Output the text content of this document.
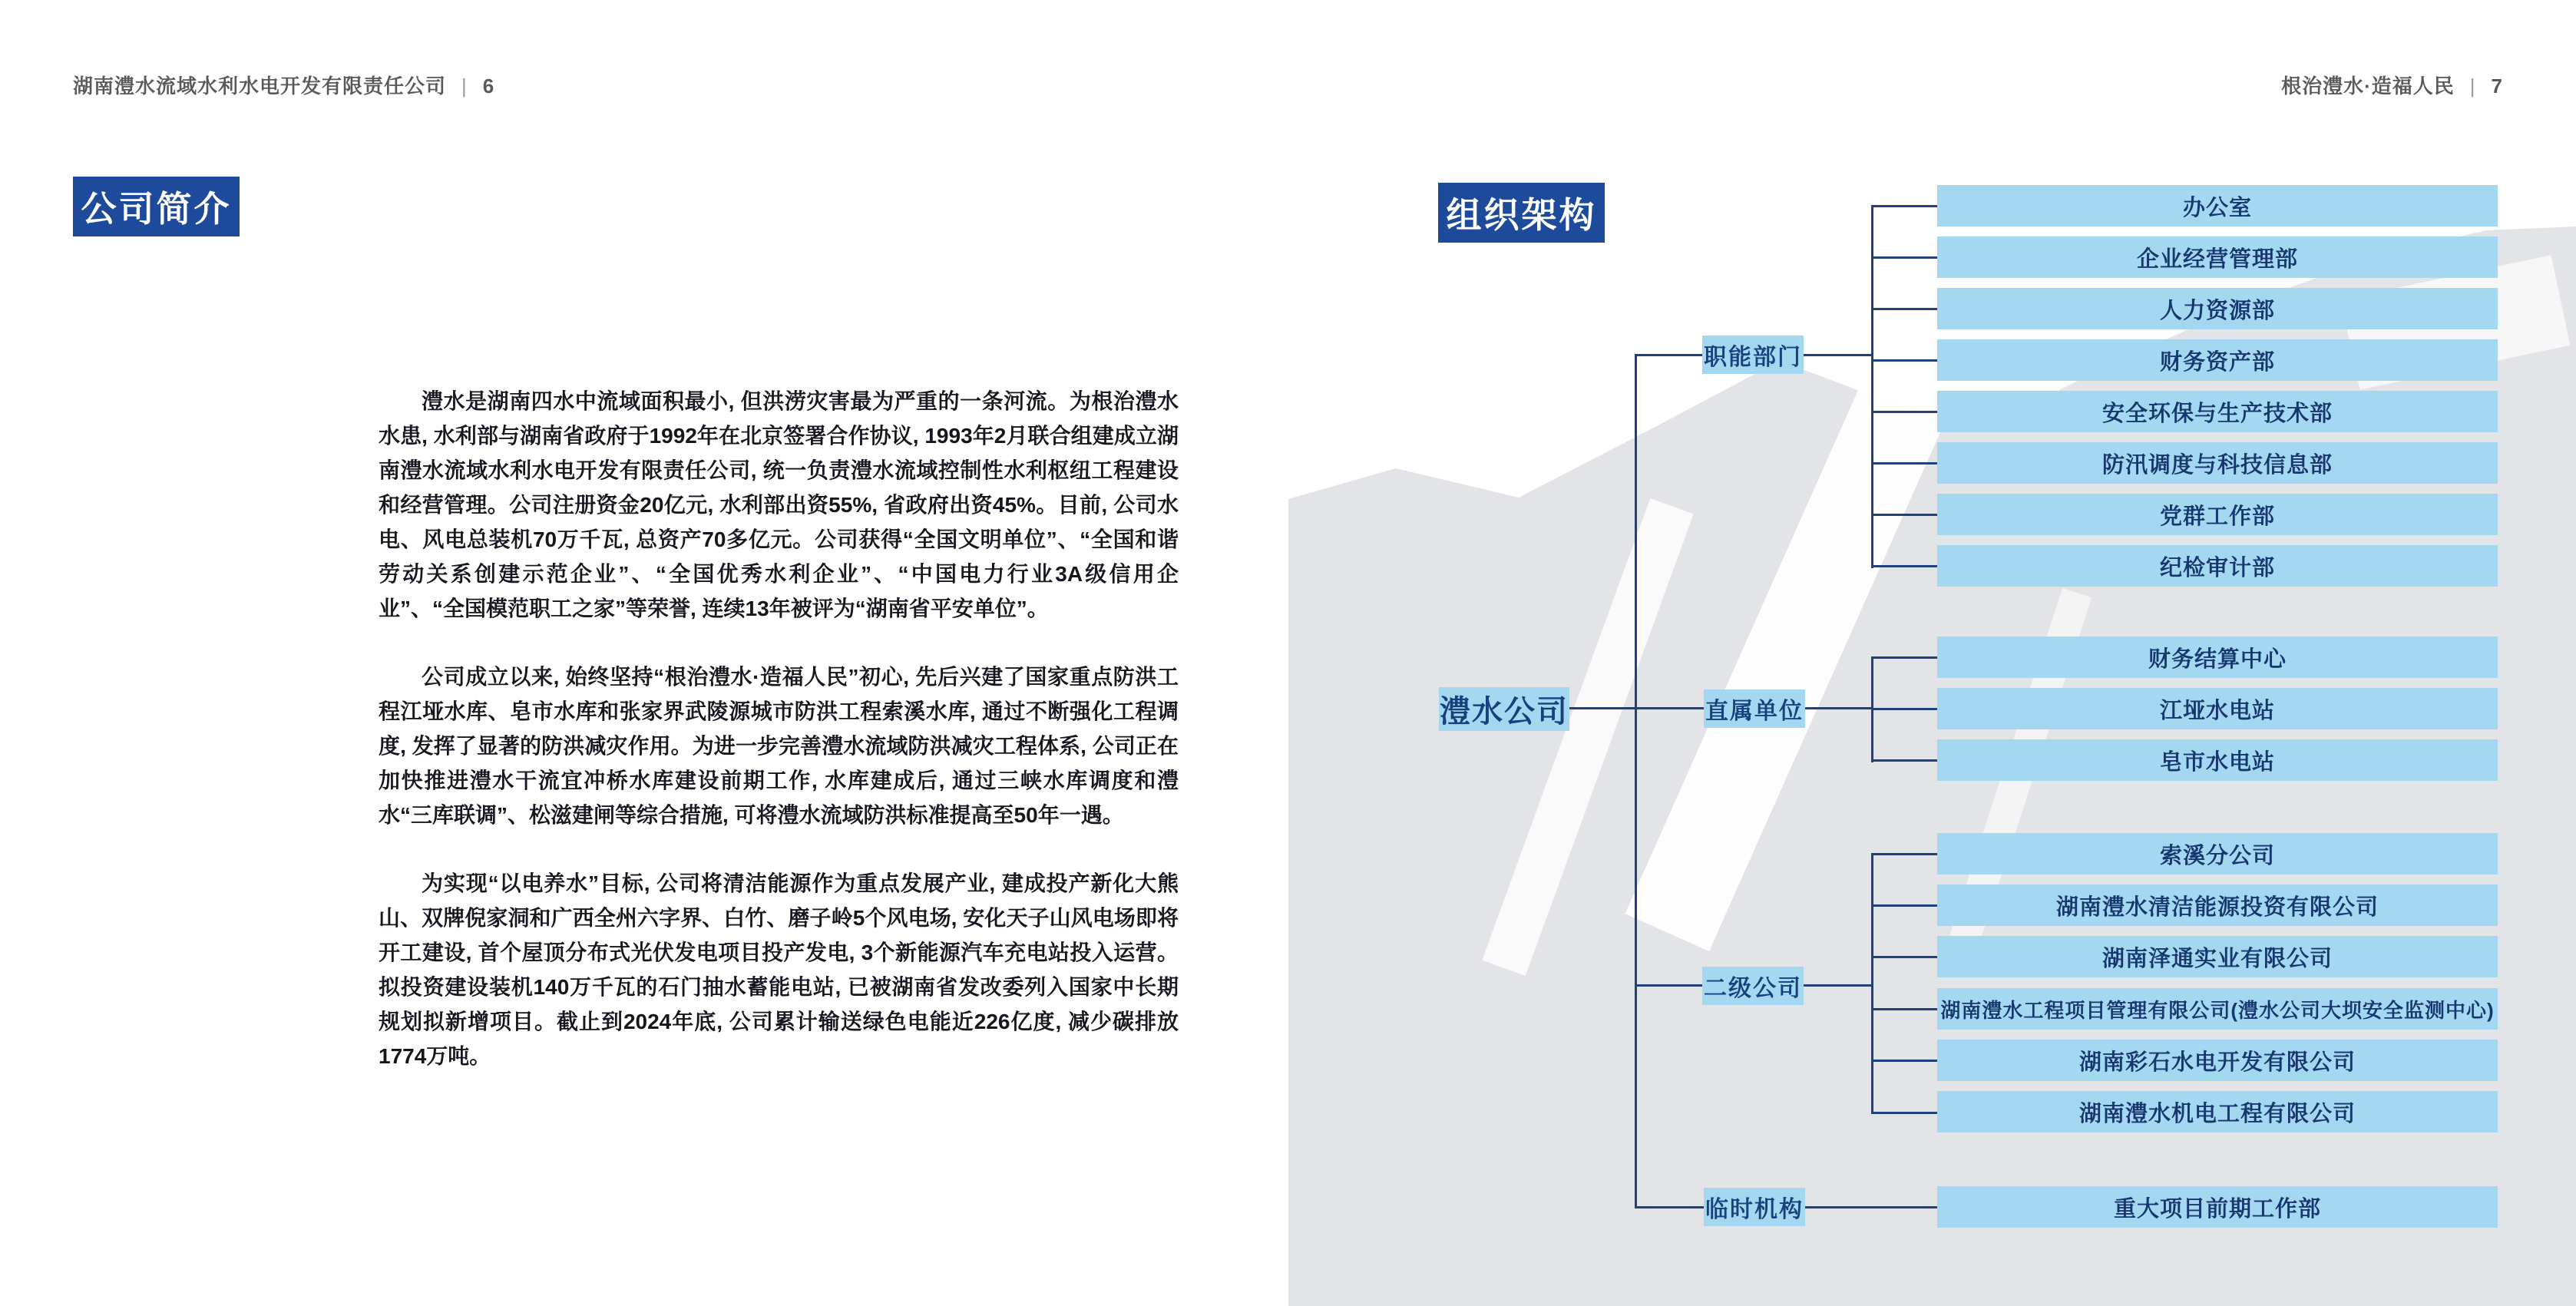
湖南澧水流域水利水电开发有限责任公司 | 6	根治澧水·造福人民 | 7
公司简介

澧水是湖南四水中流域面积最小, 但洪涝灾害最为严重的一条河流。为根治澧水水患, 水利部与湖南省政府于1992年在北京签署合作协议, 1993年2月联合组建成立湖南澧水流域水利水电开发有限责任公司, 统一负责澧水流域控制性水利枢纽工程建设和经营管理。公司注册资金20亿元, 水利部出资55%, 省政府出资45%。目前, 公司水电、风电总装机70万千瓦, 总资产70多亿元。公司获得“全国文明单位”、“全国和谐劳动关系创建示范企业”、“全国优秀水利企业”、“中国电力行业3A级信用企业”、“全国模范职工之家”等荣誉, 连续13年被评为“湖南省平安单位”。

公司成立以来, 始终坚持“根治澧水·造福人民”初心, 先后兴建了国家重点防洪工程江垭水库、皂市水库和张家界武陵源城市防洪工程索溪水库, 通过不断强化工程调度, 发挥了显著的防洪减灾作用。为进一步完善澧水流域防洪减灾工程体系, 公司正在加快推进澧水干流宜冲桥水库建设前期工作, 水库建成后, 通过三峡水库调度和澧水“三库联调”、松滋建闸等综合措施, 可将澧水流域防洪标准提高至50年一遇。

为实现“以电养水”目标, 公司将清洁能源作为重点发展产业, 建成投产新化大熊山、双牌倪家洞和广西全州六字界、白竹、磨子岭5个风电场, 安化天子山风电场即将开工建设, 首个屋顶分布式光伏发电项目投产发电, 3个新能源汽车充电站投入运营。拟投资建设装机140万千瓦的石门抽水蓄能电站, 已被湖南省发改委列入国家中长期规划拟新增项目。截止到2024年底, 公司累计输送绿色电能近226亿度, 减少碳排放1774万吨。

组织架构
澧水公司
职能部门
直属单位
二级公司
临时机构
办公室
企业经营管理部
人力资源部
财务资产部
安全环保与生产技术部
防汛调度与科技信息部
党群工作部
纪检审计部
财务结算中心
江垭水电站
皂市水电站
索溪分公司
湖南澧水清洁能源投资有限公司
湖南泽通实业有限公司
湖南澧水工程项目管理有限公司(澧水公司大坝安全监测中心)
湖南彩石水电开发有限公司
湖南澧水机电工程有限公司
重大项目前期工作部
